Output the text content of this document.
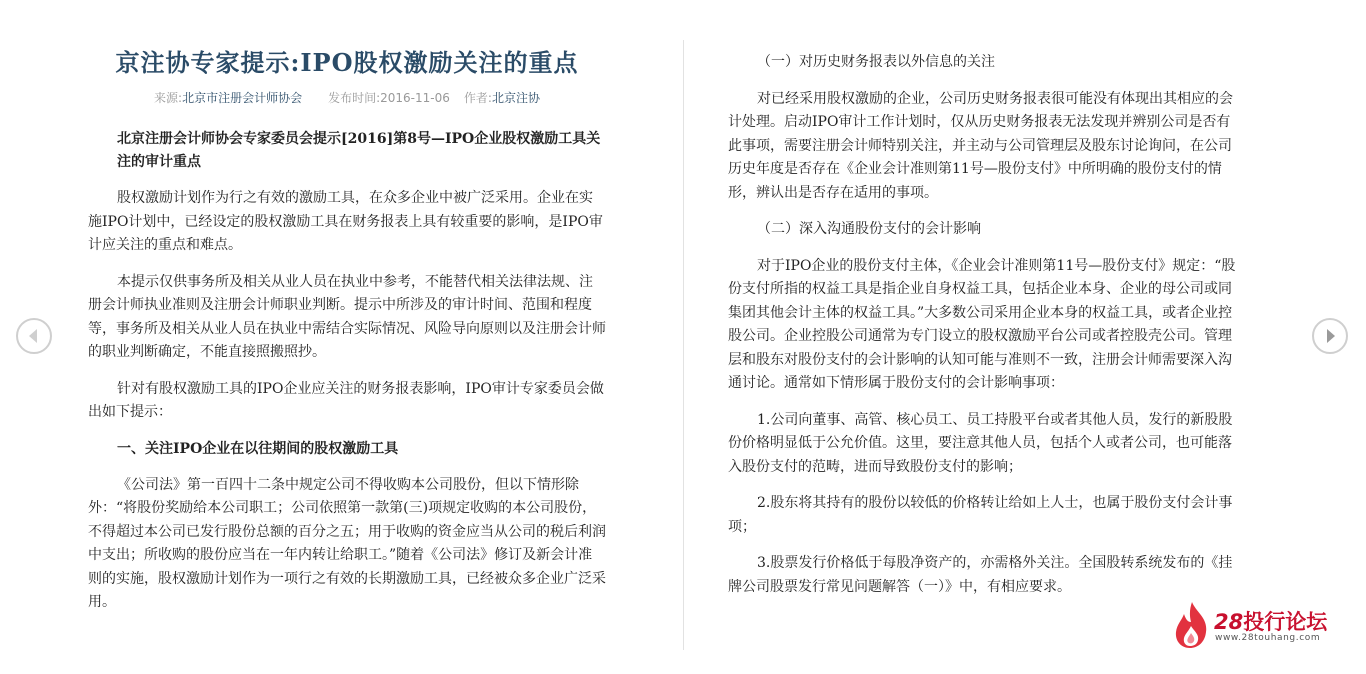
京注协专家提示:IPO股权激励关注的重点
来源:北京市注册会计师协会 发布时间:2016-11-06 作者:北京注协
北京注册会计师协会专家委员会提示[2016]第8号—IPO企业股权激励工具关注的审计重点

股权激励计划作为行之有效的激励工具，在众多企业中被广泛采用。企业在实施IPO计划中，已经设定的股权激励工具在财务报表上具有较重要的影响，是IPO审计应关注的重点和难点。

本提示仅供事务所及相关从业人员在执业中参考，不能替代相关法律法规、注册会计师执业准则及注册会计师职业判断。提示中所涉及的审计时间、范围和程度等，事务所及相关从业人员在执业中需结合实际情况、风险导向原则以及注册会计师的职业判断确定，不能直接照搬照抄。

针对有股权激励工具的IPO企业应关注的财务报表影响，IPO审计专家委员会做出如下提示：

一、关注IPO企业在以往期间的股权激励工具

《公司法》第一百四十二条中规定公司不得收购本公司股份，但以下情形除外：“将股份奖励给本公司职工；公司依照第一款第(三)项规定收购的本公司股份，不得超过本公司已发行股份总额的百分之五；用于收购的资金应当从公司的税后利润中支出；所收购的股份应当在一年内转让给职工。”随着《公司法》修订及新会计准则的实施，股权激励计划作为一项行之有效的长期激励工具，已经被众多企业广泛采用。

（一）对历史财务报表以外信息的关注

对已经采用股权激励的企业，公司历史财务报表很可能没有体现出其相应的会计处理。启动IPO审计工作计划时，仅从历史财务报表无法发现并辨别公司是否有此事项，需要注册会计师特别关注，并主动与公司管理层及股东讨论询问，在公司历史年度是否存在《企业会计准则第11号—股份支付》中所明确的股份支付的情形，辨认出是否存在适用的事项。

（二）深入沟通股份支付的会计影响

对于IPO企业的股份支付主体，《企业会计准则第11号—股份支付》规定：“股份支付所指的权益工具是指企业自身权益工具，包括企业本身、企业的母公司或同集团其他会计主体的权益工具。”大多数公司采用企业本身的权益工具，或者企业控股公司。企业控股公司通常为专门设立的股权激励平台公司或者控股壳公司。管理层和股东对股份支付的会计影响的认知可能与准则不一致，注册会计师需要深入沟通讨论。通常如下情形属于股份支付的会计影响事项：

1.公司向董事、高管、核心员工、员工持股平台或者其他人员，发行的新股股份价格明显低于公允价值。这里，要注意其他人员，包括个人或者公司，也可能落入股份支付的范畴，进而导致股份支付的影响；

2.股东将其持有的股份以较低的价格转让给如上人士，也属于股份支付会计事项；

3.股票发行价格低于每股净资产的，亦需格外关注。全国股转系统发布的《挂牌公司股票发行常见问题解答（一）》中，有相应要求。

28投行论坛
www.28touhang.com
